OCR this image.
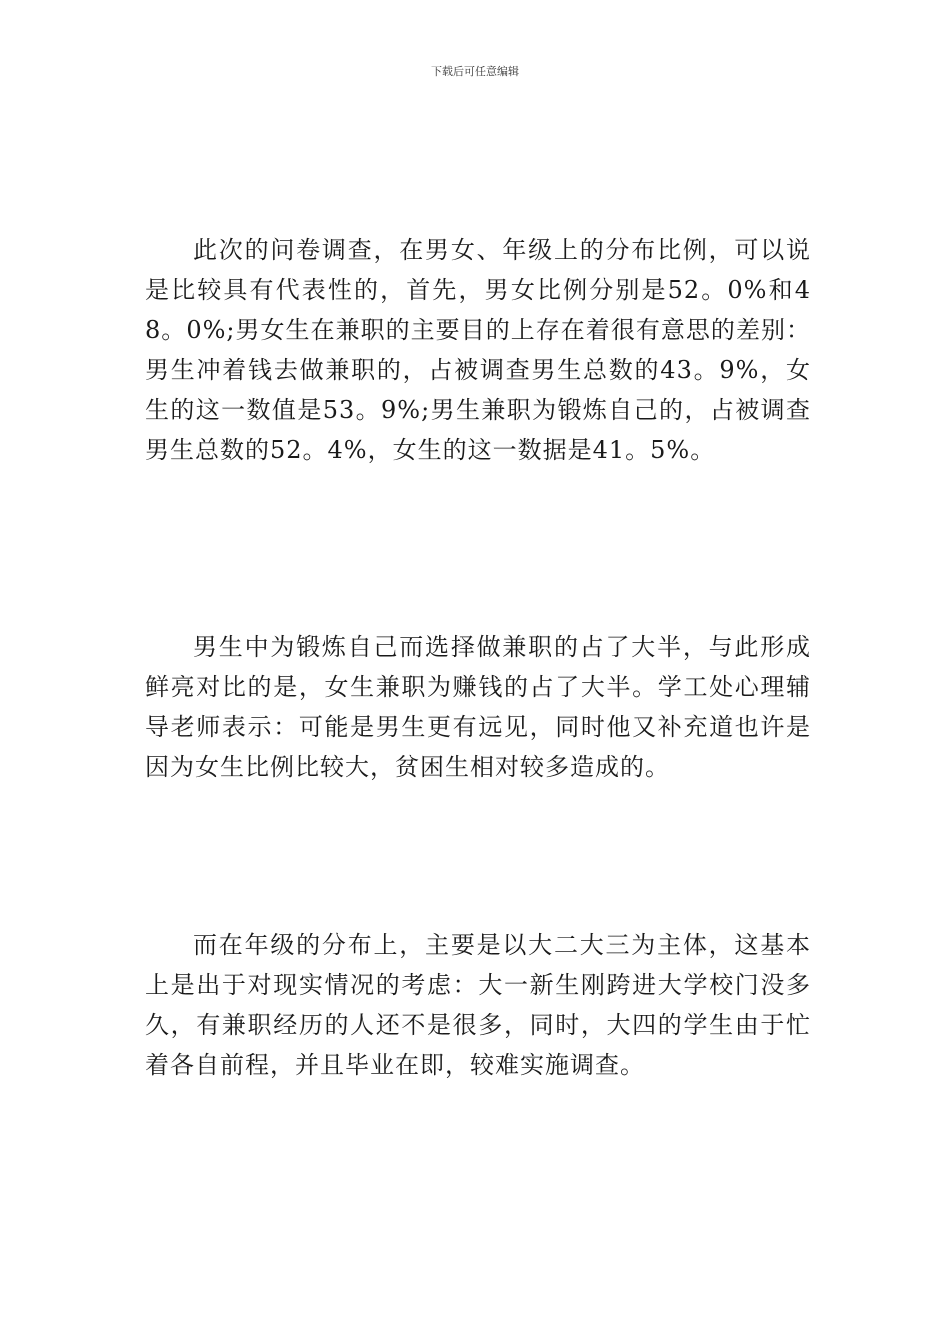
下载后可任意编辑

此次的问卷调查，在男女、年级上的分布比例，可以说是比较具有代表性的，首先，男女比例分别是52。0%和48。0%;男女生在兼职的主要目的上存在着很有意思的差别：男生冲着钱去做兼职的，占被调查男生总数的43。9%，女生的这一数值是53。9%;男生兼职为锻炼自己的，占被调查男生总数的52。4%，女生的这一数据是41。5%。

男生中为锻炼自己而选择做兼职的占了大半，与此形成鲜亮对比的是，女生兼职为赚钱的占了大半。学工处心理辅导老师表示：可能是男生更有远见，同时他又补充道也许是因为女生比例比较大，贫困生相对较多造成的。

而在年级的分布上，主要是以大二大三为主体，这基本上是出于对现实情况的考虑：大一新生刚跨进大学校门没多久，有兼职经历的人还不是很多，同时，大四的学生由于忙着各自前程，并且毕业在即，较难实施调查。
